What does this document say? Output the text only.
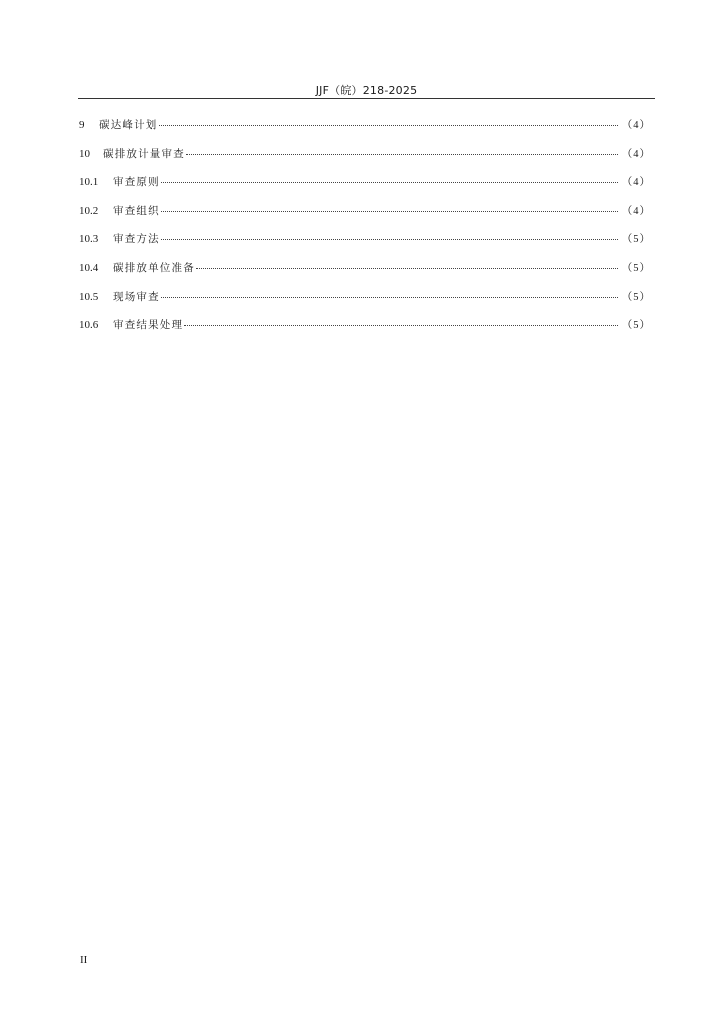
JJF（皖）218-2025
9	碳达峰计划	（4）
10	碳排放计量审查	（4）
10.1	审查原则	（4）
10.2	审查组织	（4）
10.3	审查方法	（5）
10.4	碳排放单位准备	（5）
10.5	现场审查	（5）
10.6	审查结果处理	（5）
II
